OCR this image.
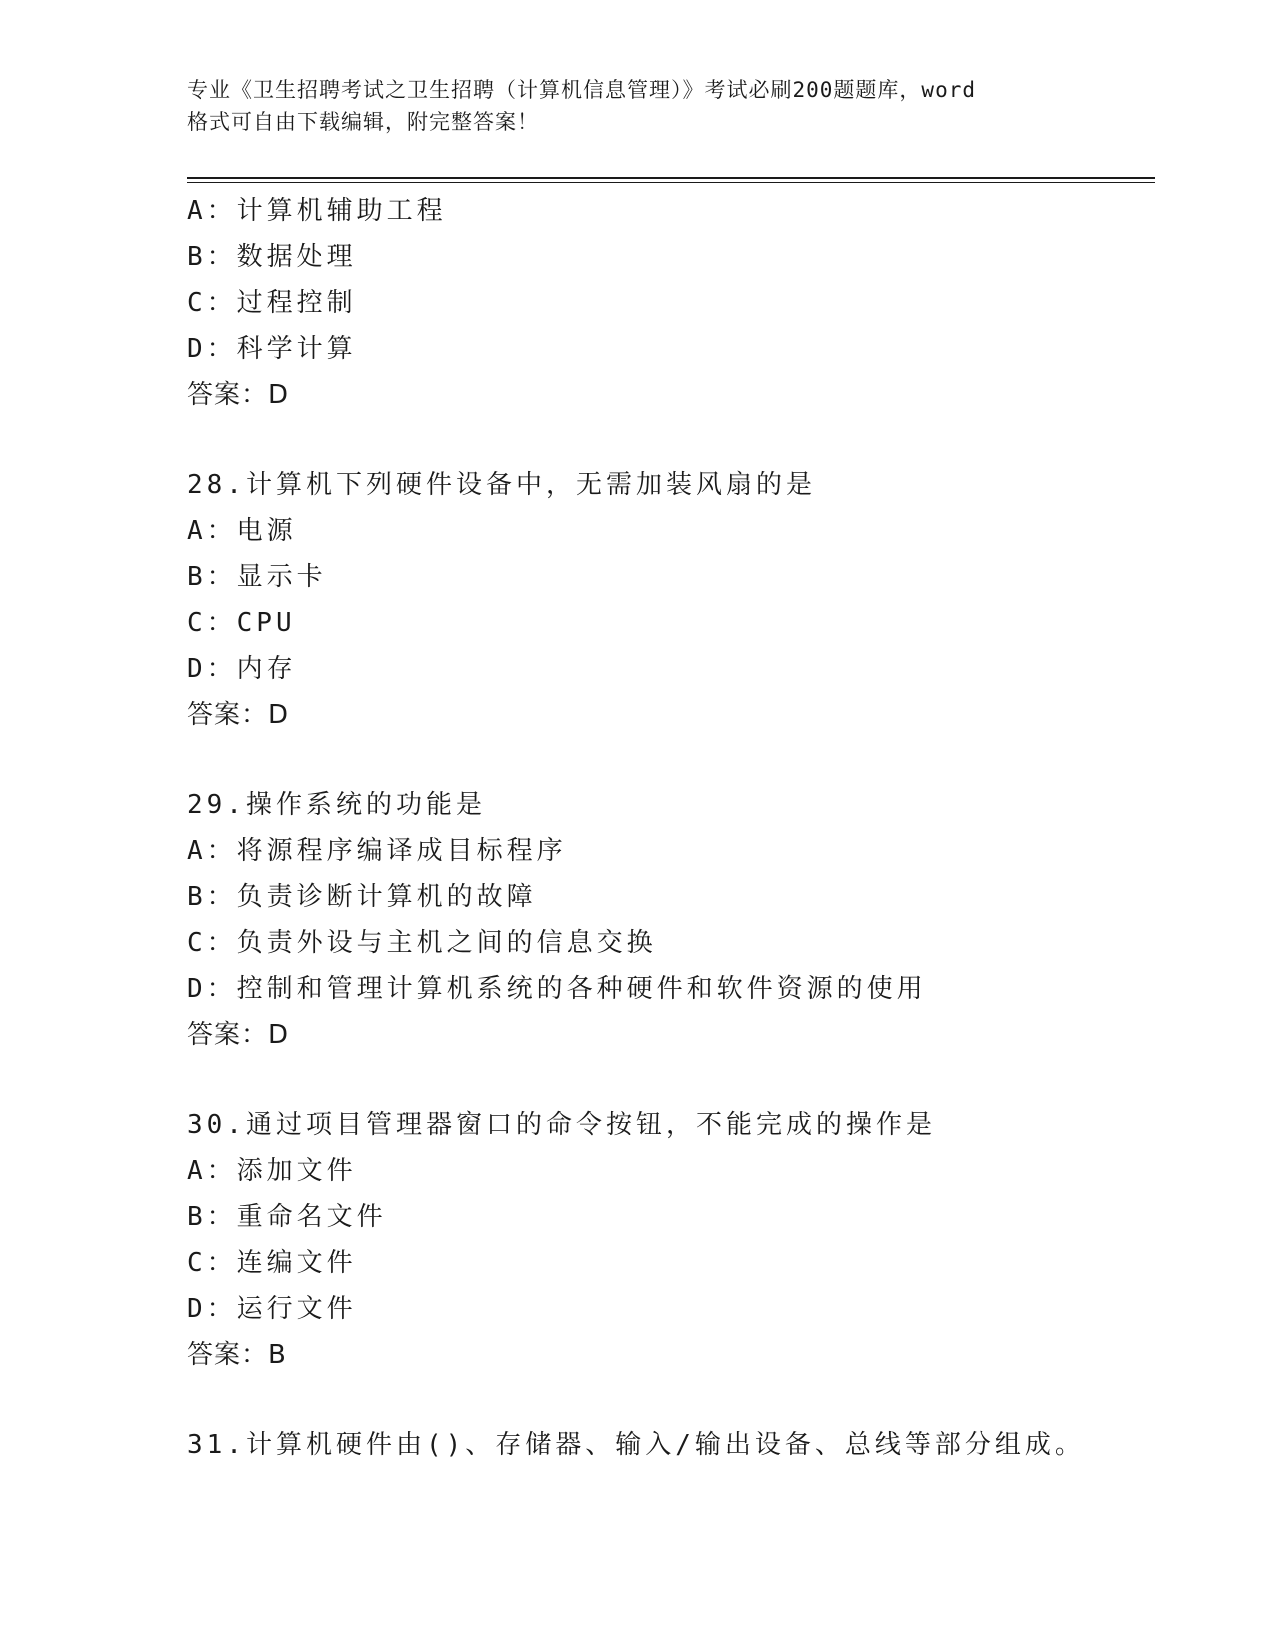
专业《卫生招聘考试之卫生招聘（计算机信息管理）》考试必刷200题题库，word
格式可自由下载编辑，附完整答案！
A：计算机辅助工程
B：数据处理
C：过程控制
D：科学计算
答案：D
28.计算机下列硬件设备中，无需加装风扇的是
A：电源
B：显示卡
C：CPU
D：内存
答案：D
29.操作系统的功能是
A：将源程序编译成目标程序
B：负责诊断计算机的故障
C：负责外设与主机之间的信息交换
D：控制和管理计算机系统的各种硬件和软件资源的使用
答案：D
30.通过项目管理器窗口的命令按钮，不能完成的操作是
A：添加文件
B：重命名文件
C：连编文件
D：运行文件
答案：B
31.计算机硬件由()、存储器、输入/输出设备、总线等部分组成。
